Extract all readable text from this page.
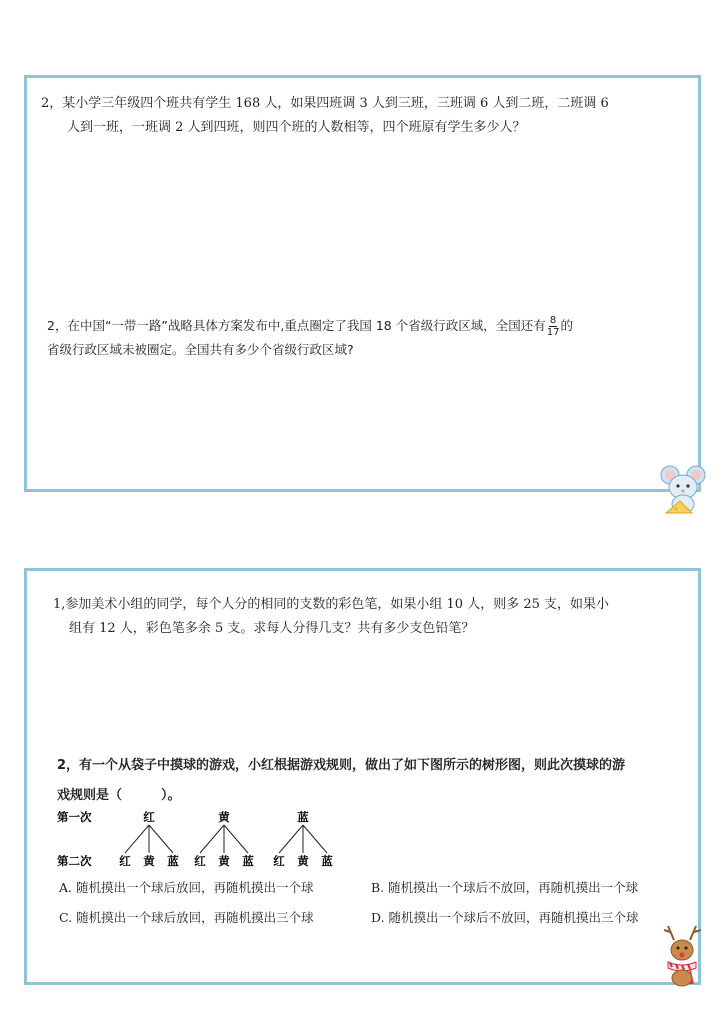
2，某小学三年级四个班共有学生 168 人，如果四班调 3 人到三班，三班调 6 人到二班，二班调 6
人到一班，一班调 2 人到四班，则四个班的人数相等，四个班原有学生多少人？
2，在中国“一带一路”战略具体方案发布中,重点圈定了我国 18 个省级行政区域，全国还有 $\frac{8}{17}$ 的
省级行政区域未被圈定。全国共有多少个省级行政区域?
1,参加美术小组的同学，每个人分的相同的支数的彩色笔，如果小组 10 人，则多 25 支，如果小
组有 12 人，彩色笔多余 5 支。求每人分得几支？共有多少支色铅笔？
2，有一个从袋子中摸球的游戏，小红根据游戏规则，做出了如下图所示的树形图，则此次摸球的游
戏规则是（　　　）。
第一次
第二次
红
红 黄 蓝
黄
红 黄 蓝
蓝
红 黄 蓝
A. 随机摸出一个球后放回，再随机摸出一个球	B. 随机摸出一个球后不放回，再随机摸出一个球
C. 随机摸出一个球后放回，再随机摸出三个球	D. 随机摸出一个球后不放回，再随机摸出三个球
